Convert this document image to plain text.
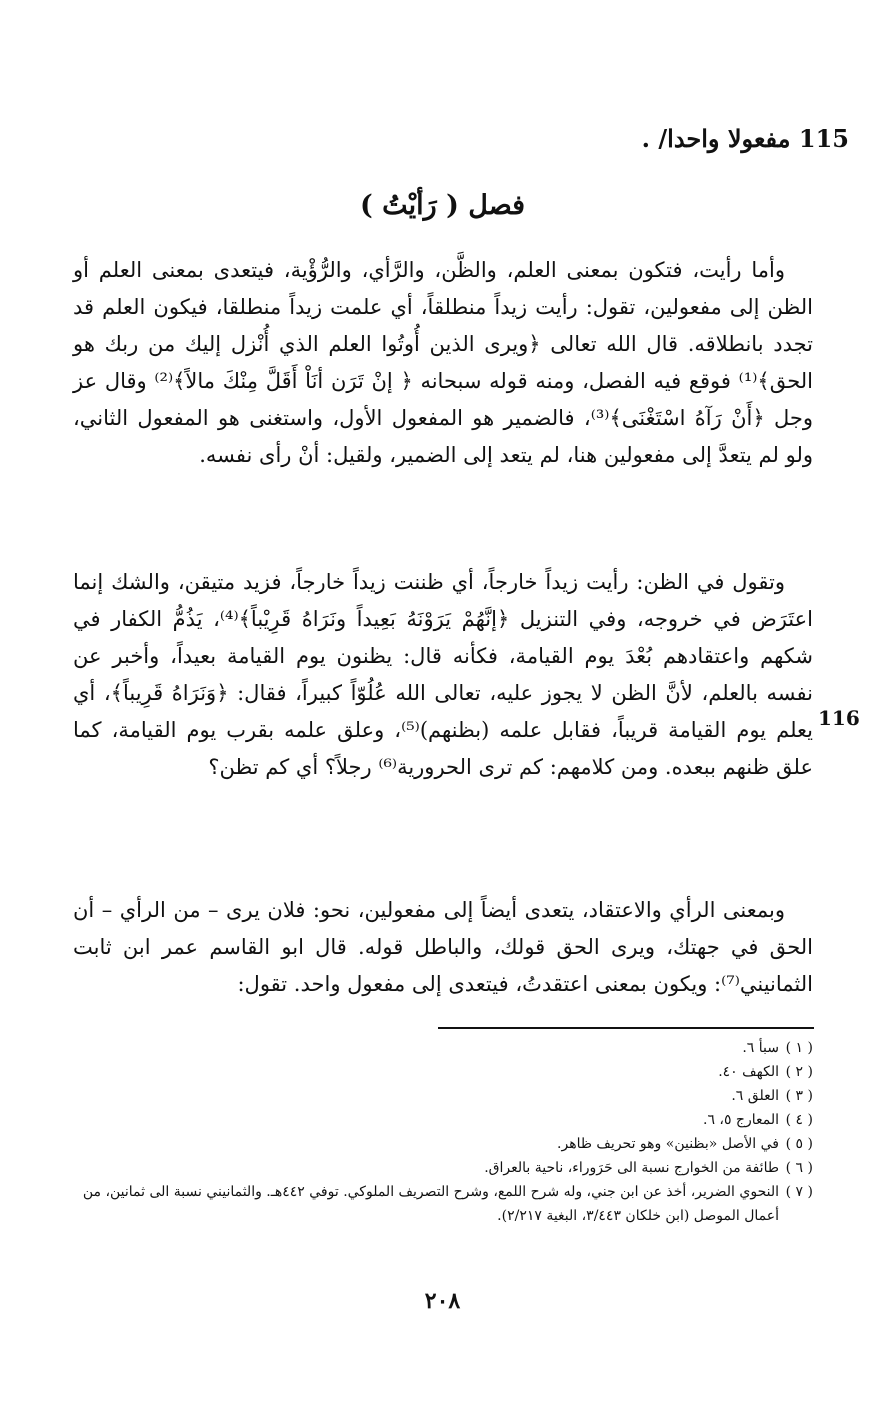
115 مفعولا واحدا/ .
فصل ( رَأيْتُ )
وأما رأيت، فتكون بمعنى العلم، والظَّن، والرَّأي، والرُّؤْية، فيتعدى بمعنى العلم أو الظن إلى مفعولين، تقول: رأيت زيداً منطلقاً، أي علمت زيداً منطلقا، فيكون العلم قد تجدد بانطلاقه. قال الله تعالى ﴿ويرى الذين أُوتُوا العلم الذي أُنْزل إليك من ربك هو الحق﴾⁽¹⁾ فوقع فيه الفصل، ومنه قوله سبحانه ﴿ إنْ تَرَن أنَاْ أَقَلَّ مِنْكَ مالاً﴾⁽²⁾ وقال عز وجل ﴿أَنْ رَآهُ اسْتَغْنَى﴾⁽³⁾، فالضمير هو المفعول الأول، واستغنى هو المفعول الثاني، ولو لم يتعدَّ إلى مفعولين هنا، لم يتعد إلى الضمير، ولقيل: أنْ رأى نفسه.
وتقول في الظن: رأيت زيداً خارجاً، أي ظننت زيداً خارجاً، فزيد متيقن، والشك إنما اعتَرَض في خروجه، وفي التنزيل ﴿إنَّهُمْ يَرَوْنَهُ بَعِيداً ونَرَاهُ قَرِيْباً﴾⁽⁴⁾، يَذُمُّ الكفار في شكهم واعتقادهم بُعْدَ يوم القيامة، فكأنه قال: يظنون يوم القيامة بعيداً، وأخبر عن نفسه بالعلم، لأنَّ الظن لا يجوز عليه، تعالى الله عُلُوّاً كبيراً، فقال: ﴿وَنَرَاهُ قَرِيباً﴾، أي يعلم يوم القيامة قريباً، فقابل علمه (بظنهم)⁽⁵⁾، وعلق علمه بقرب يوم القيامة، كما علق ظنهم ببعده. ومن كلامهم: كم ترى الحرورية⁽⁶⁾ رجلاً؟ أي كم تظن؟
116
وبمعنى الرأي والاعتقاد، يتعدى أيضاً إلى مفعولين، نحو: فلان يرى – من الرأي – أن الحق في جهتك، ويرى الحق قولك، والباطل قوله. قال ابو القاسم عمر ابن ثابت الثمانيني⁽⁷⁾: ويكون بمعنى اعتقدتُ، فيتعدى إلى مفعول واحد. تقول:
( ١ )
سبأ ٦.
( ٢ )
الكهف ٤٠.
( ٣ )
العلق ٦.
( ٤ )
المعارج ٥، ٦.
( ٥ )
في الأصل «بظنين» وهو تحريف ظاهر.
( ٦ )
طائفة من الخوارج نسبة الى حَرَوراء، ناحية بالعراق.
( ٧ )
النحوي الضرير، أخذ عن ابن جني، وله شرح اللمع، وشرح التصريف الملوكي. توفي ٤٤٢هـ. والثمانيني نسبة الى ثمانين، من أعمال الموصل (ابن خلكان ٣/٤٤٣، البغية ٢/٢١٧).
٢٠٨
